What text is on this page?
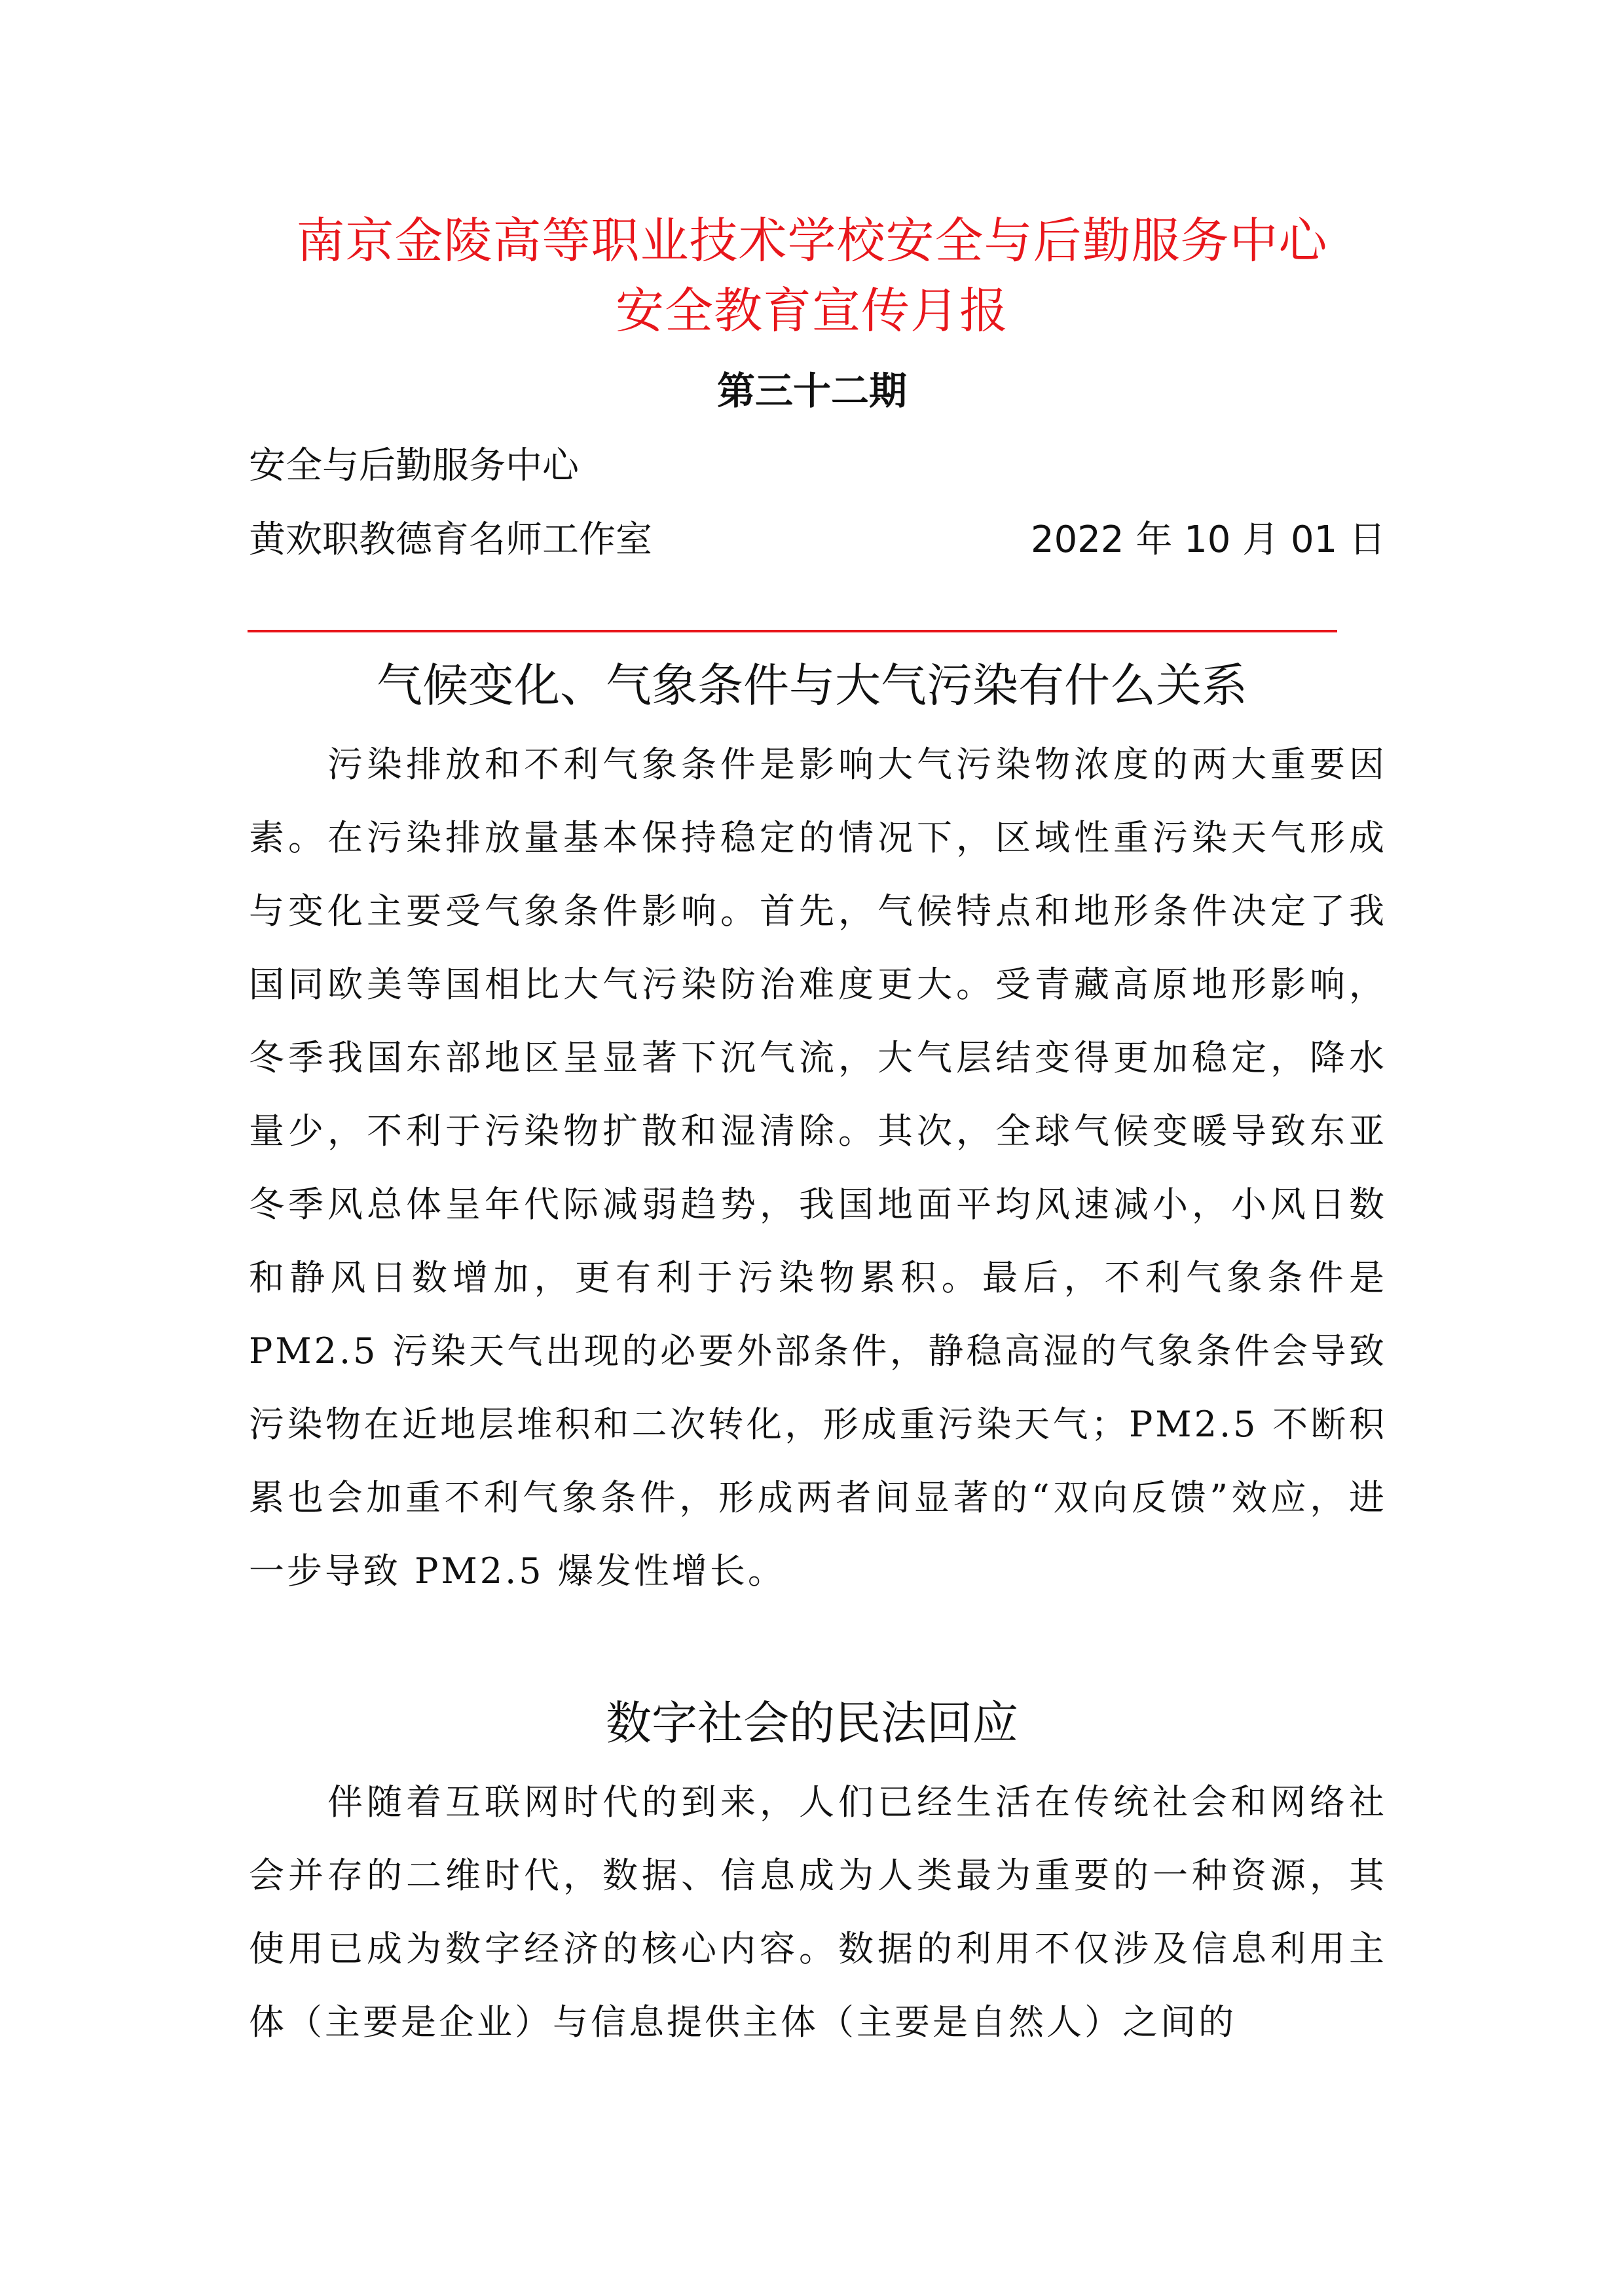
南京金陵高等职业技术学校安全与后勤服务中心
安全教育宣传月报
第三十二期
安全与后勤服务中心
黄欢职教德育名师工作室	2022 年 10 月 01 日
气候变化、气象条件与大气污染有什么关系

污染排放和不利气象条件是影响大气污染物浓度的两大重要因素。在污染排放量基本保持稳定的情况下，区域性重污染天气形成与变化主要受气象条件影响。首先，气候特点和地形条件决定了我国同欧美等国相比大气污染防治难度更大。受青藏高原地形影响，冬季我国东部地区呈显著下沉气流，大气层结变得更加稳定，降水量少，不利于污染物扩散和湿清除。其次，全球气候变暖导致东亚冬季风总体呈年代际减弱趋势，我国地面平均风速减小，小风日数和静风日数增加，更有利于污染物累积。最后，不利气象条件是 PM2.5 污染天气出现的必要外部条件，静稳高湿的气象条件会导致污染物在近地层堆积和二次转化，形成重污染天气；PM2.5 不断积累也会加重不利气象条件，形成两者间显著的“双向反馈”效应，进一步导致 PM2.5 爆发性增长。

数字社会的民法回应

伴随着互联网时代的到来，人们已经生活在传统社会和网络社会并存的二维时代，数据、信息成为人类最为重要的一种资源，其使用已成为数字经济的核心内容。数据的利用不仅涉及信息利用主体（主要是企业）与信息提供主体（主要是自然人）之间的
